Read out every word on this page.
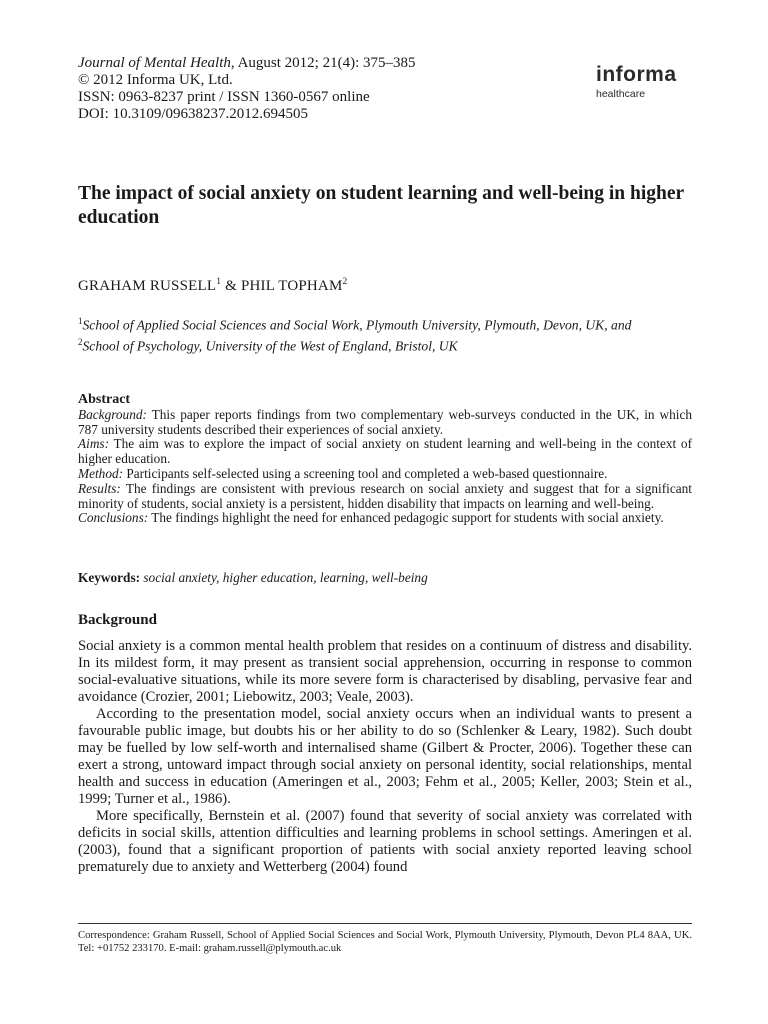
Journal of Mental Health, August 2012; 21(4): 375–385
© 2012 Informa UK, Ltd.
ISSN: 0963-8237 print / ISSN 1360-0567 online
DOI: 10.3109/09638237.2012.694505
informa
healthcare
The impact of social anxiety on student learning and well-being in higher education
GRAHAM RUSSELL$^1$ & PHIL TOPHAM$^2$
$^1$School of Applied Social Sciences and Social Work, Plymouth University, Plymouth, Devon, UK, and
$^2$School of Psychology, University of the West of England, Bristol, UK
Abstract

Background: This paper reports findings from two complementary web-surveys conducted in the UK, in which 787 university students described their experiences of social anxiety.

Aims: The aim was to explore the impact of social anxiety on student learning and well-being in the context of higher education.

Method: Participants self-selected using a screening tool and completed a web-based questionnaire.

Results: The findings are consistent with previous research on social anxiety and suggest that for a significant minority of students, social anxiety is a persistent, hidden disability that impacts on learning and well-being.

Conclusions: The findings highlight the need for enhanced pedagogic support for students with social anxiety.

Keywords: social anxiety, higher education, learning, well-being
Background

Social anxiety is a common mental health problem that resides on a continuum of distress and disability. In its mildest form, it may present as transient social apprehension, occurring in response to common social-evaluative situations, while its more severe form is characterised by disabling, pervasive fear and avoidance (Crozier, 2001; Liebowitz, 2003; Veale, 2003).

According to the presentation model, social anxiety occurs when an individual wants to present a favourable public image, but doubts his or her ability to do so (Schlenker & Leary, 1982). Such doubt may be fuelled by low self-worth and internalised shame (Gilbert & Procter, 2006). Together these can exert a strong, untoward impact through social anxiety on personal identity, social relationships, mental health and success in education (Ameringen et al., 2003; Fehm et al., 2005; Keller, 2003; Stein et al., 1999; Turner et al., 1986).

More specifically, Bernstein et al. (2007) found that severity of social anxiety was correlated with deficits in social skills, attention difficulties and learning problems in school settings. Ameringen et al. (2003), found that a significant proportion of patients with social anxiety reported leaving school prematurely due to anxiety and Wetterberg (2004) found

Correspondence: Graham Russell, School of Applied Social Sciences and Social Work, Plymouth University, Plymouth, Devon PL4 8AA, UK. Tel: +01752 233170. E-mail: graham.russell@plymouth.ac.uk
